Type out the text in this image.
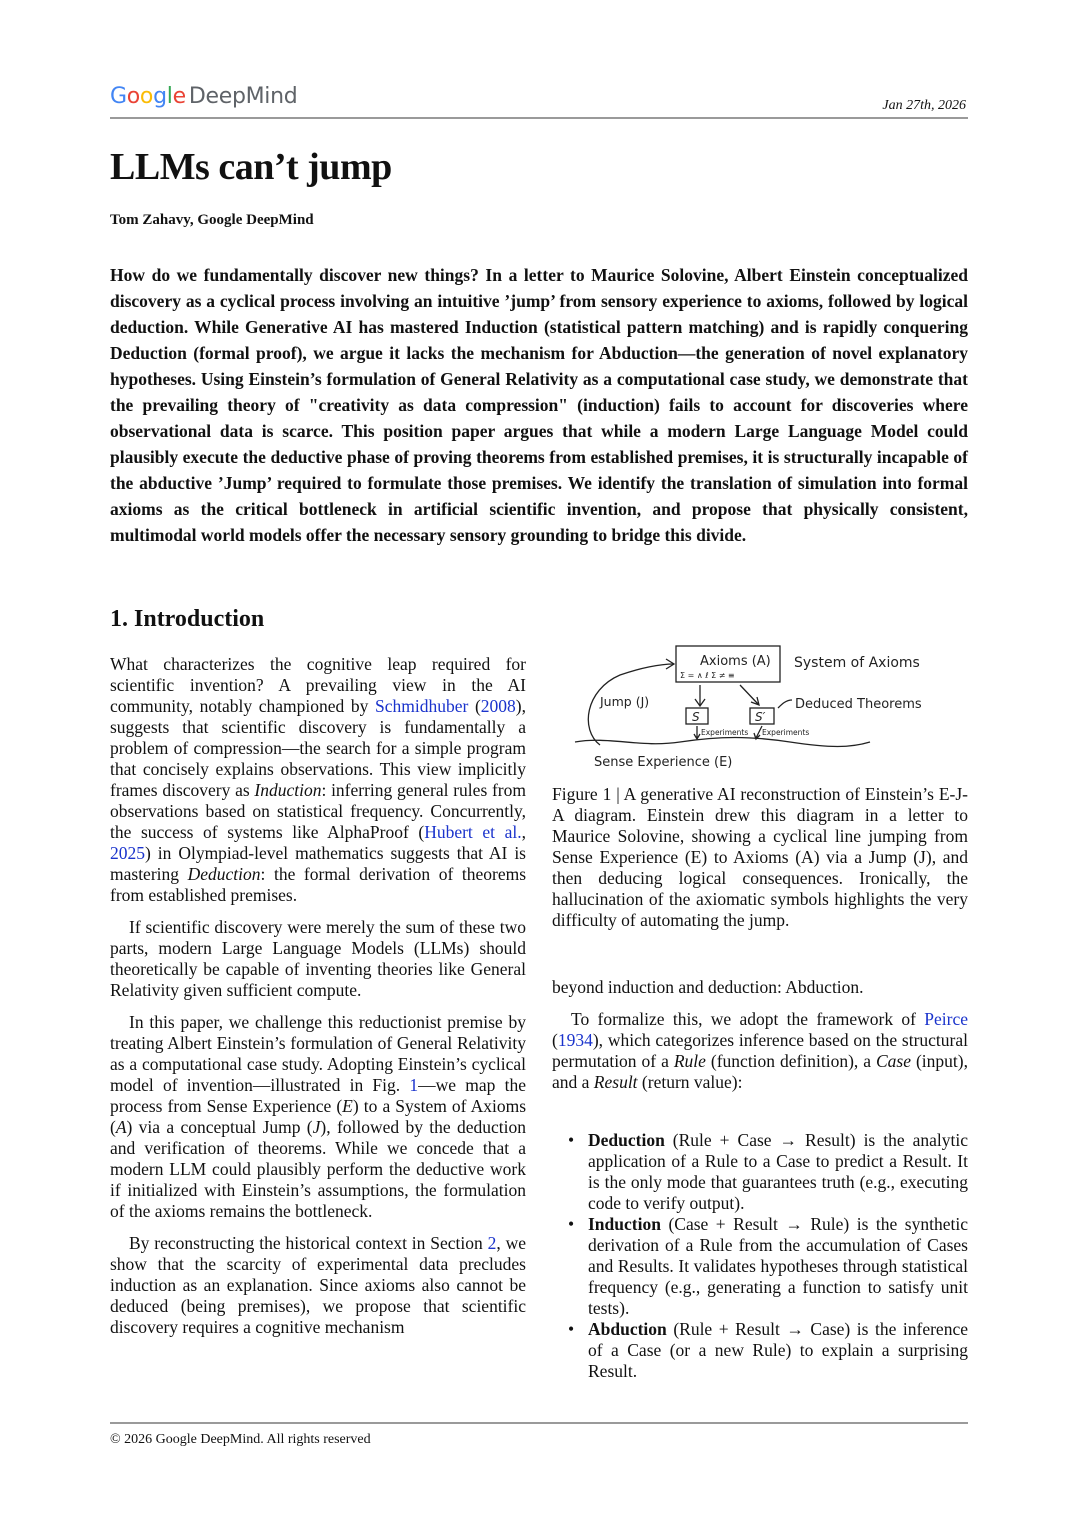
Google DeepMind	Jan 27th, 2026
LLMs can’t jump
Tom Zahavy, Google DeepMind
How do we fundamentally discover new things? In a letter to Maurice Solovine, Albert Einstein conceptualized discovery as a cyclical process involving an intuitive ’jump’ from sensory experience to axioms, followed by logical deduction. While Generative AI has mastered Induction (statistical pattern matching) and is rapidly conquering Deduction (formal proof), we argue it lacks the mechanism for Abduction—the generation of novel explanatory hypotheses. Using Einstein’s formulation of General Relativity as a computational case study, we demonstrate that the prevailing theory of "creativity as data compression" (induction) fails to account for discoveries where observational data is scarce. This position paper argues that while a modern Large Language Model could plausibly execute the deductive phase of proving theorems from established premises, it is structurally incapable of the abductive ’Jump’ required to formulate those premises. We identify the translation of simulation into formal axioms as the critical bottleneck in artificial scientific invention, and propose that physically consistent, multimodal world models offer the necessary sensory grounding to bridge this divide.
1. Introduction

What characterizes the cognitive leap required for scientific invention? A prevailing view in the AI community, notably championed by Schmidhuber (2008), suggests that scientific discovery is fundamentally a problem of compression—the search for a simple program that concisely explains observations. This view implicitly frames discovery as Induction: inferring general rules from observations based on statistical frequency. Concurrently, the success of systems like AlphaProof (Hubert et al., 2025) in Olympiad-level mathematics suggests that AI is mastering Deduction: the formal derivation of theorems from established premises.

If scientific discovery were merely the sum of these two parts, modern Large Language Models (LLMs) should theoretically be capable of inventing theories like General Relativity given sufficient compute.

In this paper, we challenge this reductionist premise by treating Albert Einstein’s formulation of General Relativity as a computational case study. Adopting Einstein’s cyclical model of invention—illustrated in Fig. 1—we map the process from Sense Experience (E) to a System of Axioms (A) via a conceptual Jump (J), followed by the deduction and verification of theorems. While we concede that a modern LLM could plausibly perform the deductive work if initialized with Einstein’s assumptions, the formulation of the axioms remains the bottleneck.

By reconstructing the historical context in Section 2, we show that the scarcity of experimental data precludes induction as an explanation. Since axioms also cannot be deduced (being premises), we propose that scientific discovery requires a cognitive mechanism

Axioms (A)
Σ = ∧ ℓ Σ ≠ ≡
System of Axioms
Jump (J)	Deduced Theorems
S	S′
Experiments Experiments
Sense Experience (E)
Figure 1 | A generative AI reconstruction of Einstein’s E-J-A diagram. Einstein drew this diagram in a letter to Maurice Solovine, showing a cyclical line jumping from Sense Experience (E) to Axioms (A) via a Jump (J), and then deducing logical consequences. Ironically, the hallucination of the axiomatic symbols highlights the very difficulty of automating the jump.

beyond induction and deduction: Abduction.

To formalize this, we adopt the framework of Peirce (1934), which categorizes inference based on the structural permutation of a Rule (function definition), a Case (input), and a Result (return value):

• Deduction (Rule + Case → Result) is the analytic application of a Rule to a Case to predict a Result. It is the only mode that guarantees truth (e.g., executing code to verify output).
• Induction (Case + Result → Rule) is the synthetic derivation of a Rule from the accumulation of Cases and Results. It validates hypotheses through statistical frequency (e.g., generating a function to satisfy unit tests).
• Abduction (Rule + Result → Case) is the inference of a Case (or a new Rule) to explain a surprising Result.
© 2026 Google DeepMind. All rights reserved
